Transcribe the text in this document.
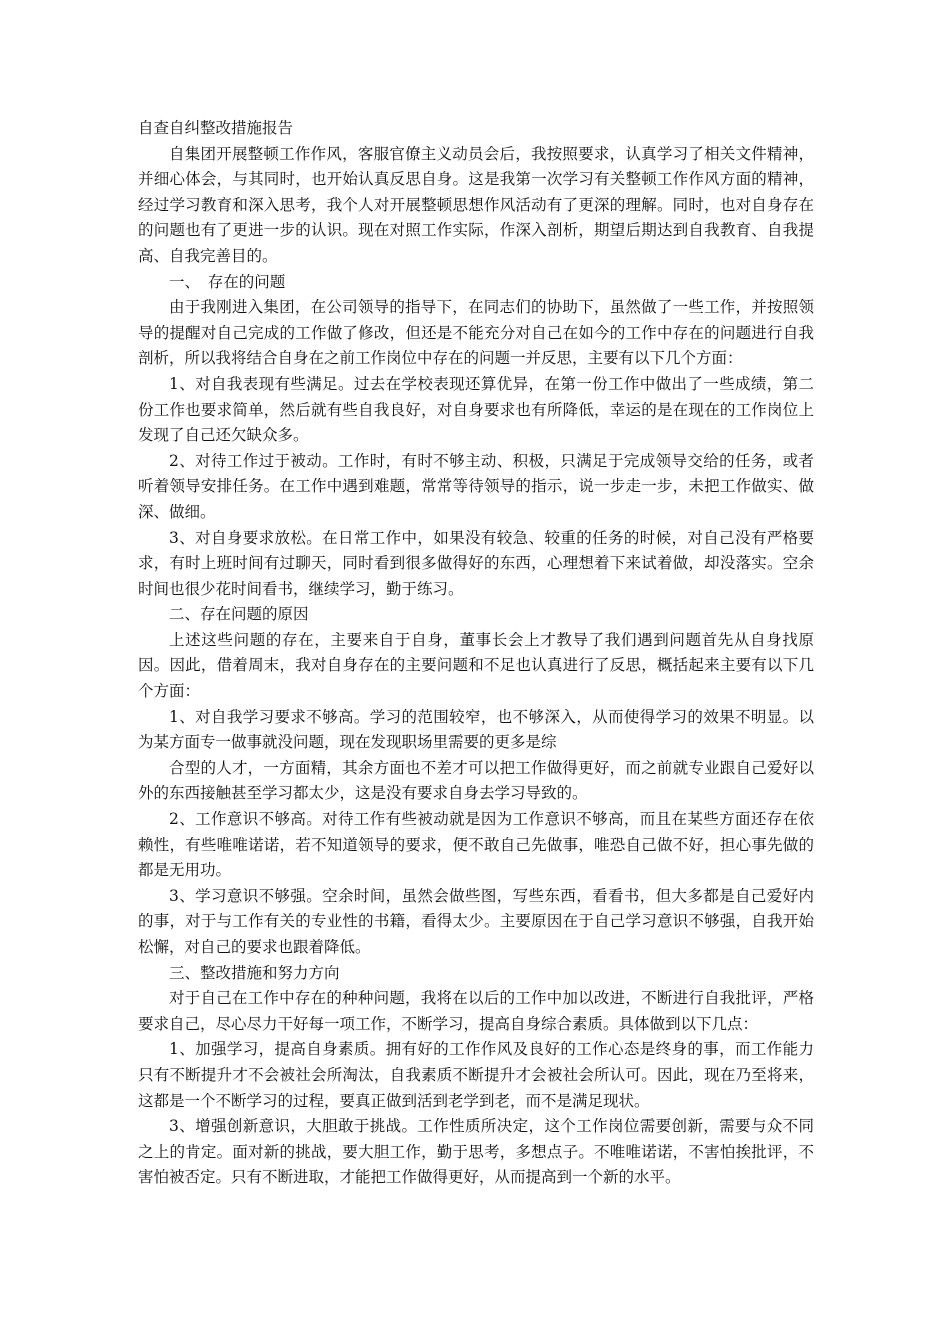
自查自纠整改措施报告

自集团开展整顿工作作风，客服官僚主义动员会后，我按照要求，认真学习了相关文件精神，并细心体会，与其同时，也开始认真反思自身。这是我第一次学习有关整顿工作作风方面的精神，经过学习教育和深入思考，我个人对开展整顿思想作风活动有了更深的理解。同时，也对自身存在的问题也有了更进一步的认识。现在对照工作实际，作深入剖析，期望后期达到自我教育、自我提高、自我完善目的。

一、　存在的问题

由于我刚进入集团，在公司领导的指导下，在同志们的协助下，虽然做了一些工作，并按照领导的提醒对自己完成的工作做了修改，但还是不能充分对自己在如今的工作中存在的问题进行自我剖析，所以我将结合自身在之前工作岗位中存在的问题一并反思，主要有以下几个方面：

1、对自我表现有些满足。过去在学校表现还算优异，在第一份工作中做出了一些成绩，第二份工作也要求简单，然后就有些自我良好，对自身要求也有所降低，幸运的是在现在的工作岗位上发现了自己还欠缺众多。

2、对待工作过于被动。工作时，有时不够主动、积极，只满足于完成领导交给的任务，或者听着领导安排任务。在工作中遇到难题，常常等待领导的指示，说一步走一步，未把工作做实、做深、做细。

3、对自身要求放松。在日常工作中，如果没有较急、较重的任务的时候，对自己没有严格要求，有时上班时间有过聊天，同时看到很多做得好的东西，心理想着下来试着做，却没落实。空余时间也很少花时间看书，继续学习，勤于练习。

二、存在问题的原因

上述这些问题的存在，主要来自于自身，董事长会上才教导了我们遇到问题首先从自身找原因。因此，借着周末，我对自身存在的主要问题和不足也认真进行了反思，概括起来主要有以下几个方面：

1、对自我学习要求不够高。学习的范围较窄，也不够深入，从而使得学习的效果不明显。以为某方面专一做事就没问题，现在发现职场里需要的更多是综

合型的人才，一方面精，其余方面也不差才可以把工作做得更好，而之前就专业跟自己爱好以外的东西接触甚至学习都太少，这是没有要求自身去学习导致的。

2、工作意识不够高。对待工作有些被动就是因为工作意识不够高，而且在某些方面还存在依赖性，有些唯唯诺诺，若不知道领导的要求，便不敢自己先做事，唯恐自己做不好，担心事先做的都是无用功。

3、学习意识不够强。空余时间，虽然会做些图，写些东西，看看书，但大多都是自己爱好内的事，对于与工作有关的专业性的书籍，看得太少。主要原因在于自己学习意识不够强，自我开始松懈，对自己的要求也跟着降低。

三、整改措施和努力方向

对于自己在工作中存在的种种问题，我将在以后的工作中加以改进，不断进行自我批评，严格要求自己，尽心尽力干好每一项工作，不断学习，提高自身综合素质。具体做到以下几点：

1、加强学习，提高自身素质。拥有好的工作作风及良好的工作心态是终身的事，而工作能力只有不断提升才不会被社会所淘汰，自我素质不断提升才会被社会所认可。因此，现在乃至将来，这都是一个不断学习的过程，要真正做到活到老学到老，而不是满足现状。

3、增强创新意识，大胆敢于挑战。工作性质所决定，这个工作岗位需要创新，需要与众不同之上的肯定。面对新的挑战，要大胆工作，勤于思考，多想点子。不唯唯诺诺，不害怕挨批评，不害怕被否定。只有不断进取，才能把工作做得更好，从而提高到一个新的水平。
